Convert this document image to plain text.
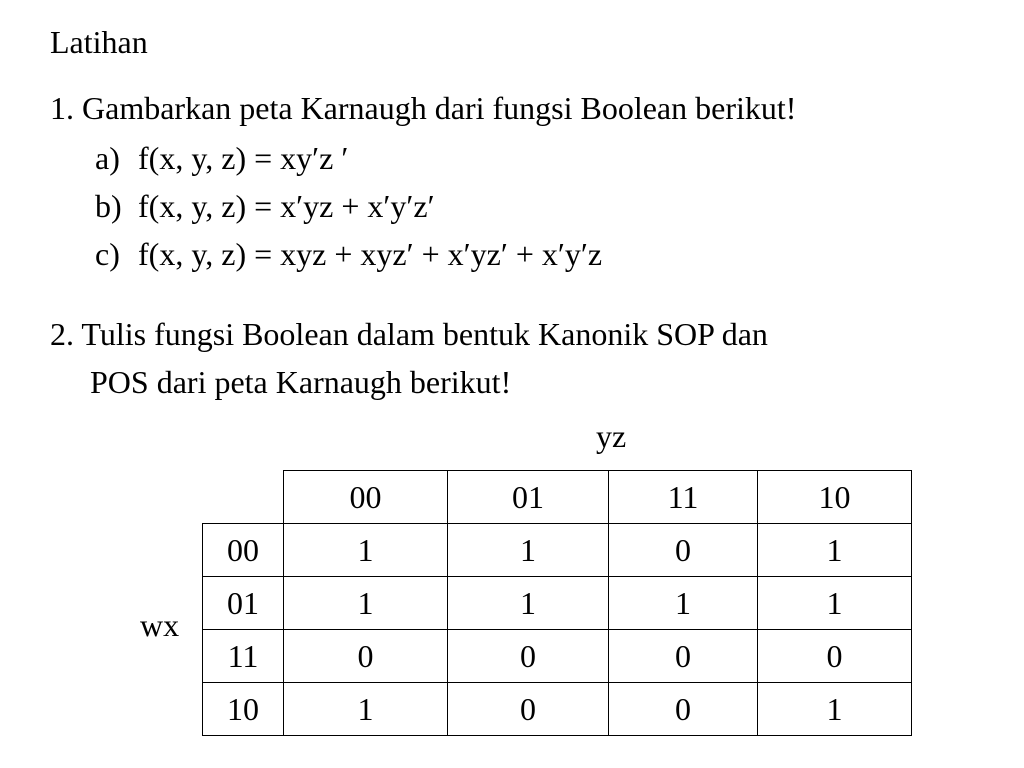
Latihan
1. Gambarkan peta Karnaugh dari fungsi Boolean berikut!
a) f(x, y, z) = xy′z ′
b) f(x, y, z) = x′yz + x′y′z′
c) f(x, y, z) = xyz + xyz′ + x′yz′ + x′y′z
2. Tulis fungsi Boolean dalam bentuk Kanonik SOP dan
POS dari peta Karnaugh berikut!
yz
wx
	00	01	11	10
00	1	1	0	1
01	1	1	1	1
11	0	0	0	0
10	1	0	0	1
